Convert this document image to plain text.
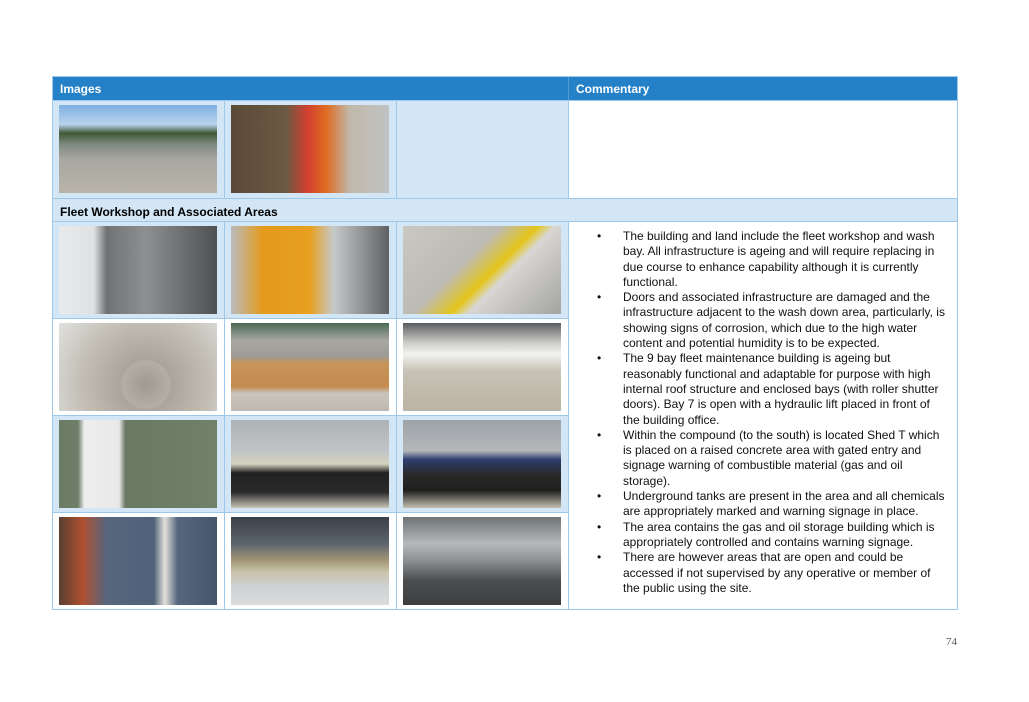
Images	Commentary
Fleet Workshop and Associated Areas
• The building and land include the fleet workshop and wash bay. All infrastructure is ageing and will require replacing in due course to enhance capability although it is currently functional.
• Doors and associated infrastructure are damaged and the infrastructure adjacent to the wash down area, particularly, is showing signs of corrosion, which due to the high water content and potential humidity is to be expected.
• The 9 bay fleet maintenance building is ageing but reasonably functional and adaptable for purpose with high internal roof structure and enclosed bays (with roller shutter doors). Bay 7 is open with a hydraulic lift placed in front of the building office.
• Within the compound (to the south) is located Shed T which is placed on a raised concrete area with gated entry and signage warning of combustible material (gas and oil storage).
• Underground tanks are present in the area and all chemicals are appropriately marked and warning signage in place.
• The area contains the gas and oil storage building which is appropriately controlled and contains warning signage.
• There are however areas that are open and could be accessed if not supervised by any operative or member of the public using the site.
74
